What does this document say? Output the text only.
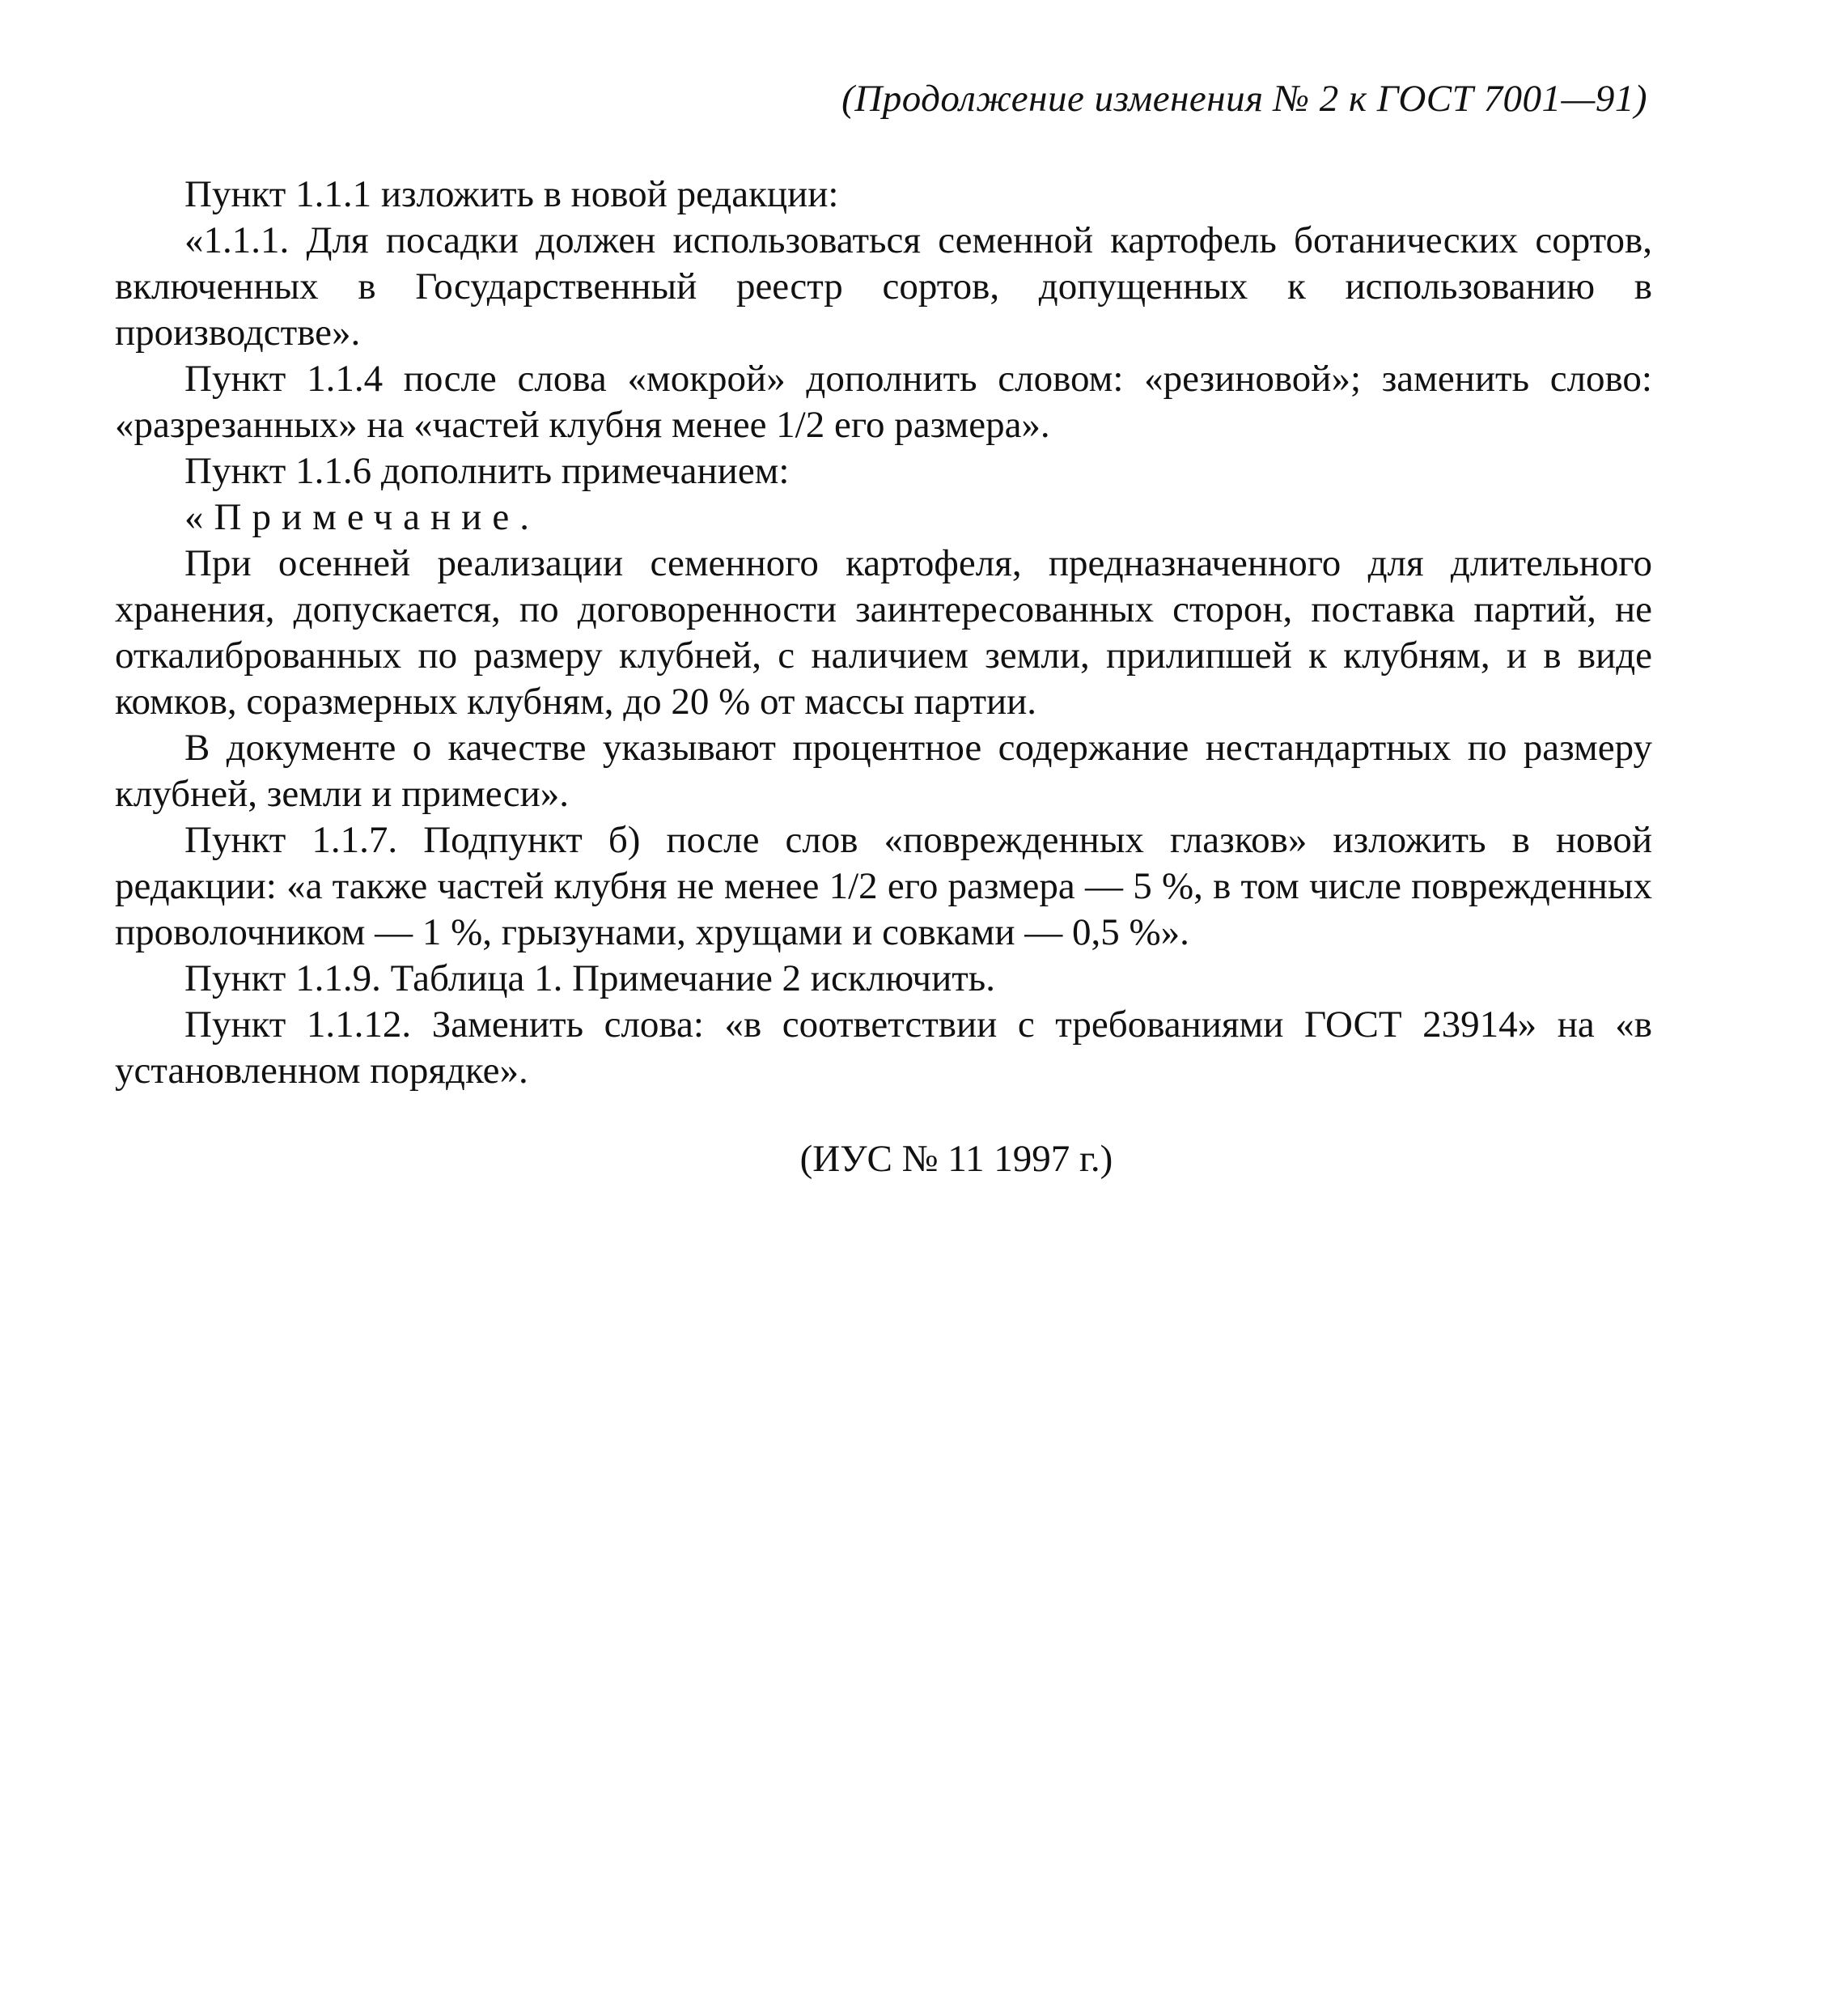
(Продолжение изменения № 2 к ГОСТ 7001—91)

Пункт 1.1.1 изложить в новой редакции:

«1.1.1. Для посадки должен использоваться семенной картофель ботанических сортов, включенных в Государственный реестр сортов, допущенных к использованию в производстве».

Пункт 1.1.4 после слова «мокрой» дополнить словом: «резиновой»; заменить слово: «разрезанных» на «частей клубня менее 1/2 его размера».

Пункт 1.1.6 дополнить примечанием:

«Примечание.

При осенней реализации семенного картофеля, предназначенного для длительного хранения, допускается, по договоренности заинтересованных сторон, поставка партий, не откалиброванных по размеру клубней, с наличием земли, прилипшей к клубням, и в виде комков, соразмерных клубням, до 20 % от массы партии.

В документе о качестве указывают процентное содержание нестандартных по размеру клубней, земли и примеси».

Пункт 1.1.7. Подпункт б) после слов «поврежденных глазков» изложить в новой редакции: «а также частей клубня не менее 1/2 его размера — 5 %, в том числе поврежденных проволочником — 1 %, грызунами, хрущами и совками — 0,5 %».

Пункт 1.1.9. Таблица 1. Примечание 2 исключить.

Пункт 1.1.12. Заменить слова: «в соответствии с требованиями ГОСТ 23914» на «в установленном порядке».

(ИУС № 11 1997 г.)
